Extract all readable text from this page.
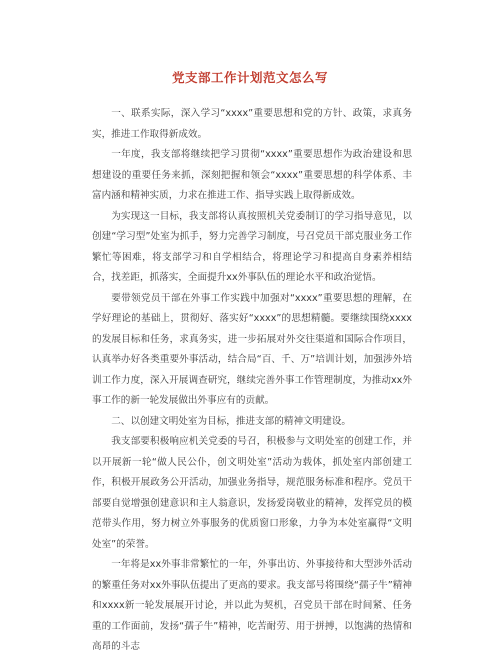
党支部工作计划范文怎么写

一、联系实际，深入学习“xxxx”重要思想和党的方针、政策，求真务实，推进工作取得新成效。

一年度，我支部将继续把学习贯彻“xxxx”重要思想作为政治建设和思想建设的重要任务来抓，深刻把握和领会“xxxx”重要思想的科学体系、丰富内涵和精神实质，力求在推进工作、指导实践上取得新成效。

为实现这一目标，我支部将认真按照机关党委制订的学习指导意见，以创建“学习型”处室为抓手，努力完善学习制度，号召党员干部克服业务工作繁忙等困难，将支部学习和自学相结合，将理论学习和提高自身素养相结合，找差距，抓落实，全面提升xx外事队伍的理论水平和政治觉悟。

要带领党员干部在外事工作实践中加强对“xxxx”重要思想的理解，在学好理论的基础上，贯彻好、落实好“xxxx”的思想精髓。要继续围绕xxxx的发展目标和任务，求真务实，进一步拓展对外交往渠道和国际合作项目，认真举办好各类重要外事活动，结合局“百、千、万”培训计划，加强涉外培训工作力度，深入开展调查研究，继续完善外事工作管理制度，为推动xx外事工作的新一轮发展做出外事应有的贡献。

二、以创建文明处室为目标，推进支部的精神文明建设。

我支部要积极响应机关党委的号召，积极参与文明处室的创建工作，并以开展新一轮“做人民公仆，创文明处室”活动为载体，抓处室内部创建工作，积极开展政务公开活动，加强业务指导，规范服务标准和程序。党员干部要自觉增强创建意识和主人翁意识，发扬爱岗敬业的精神，发挥党员的模范带头作用，努力树立外事服务的优质窗口形象，力争为本处室赢得“文明处室”的荣誉。

一年将是xx外事非常繁忙的一年，外事出访、外事接待和大型涉外活动的繁重任务对xx外事队伍提出了更高的要求。我支部号将围绕“孺子牛”精神和xxxx新一轮发展展开讨论，并以此为契机，召党员干部在时间紧、任务重的工作面前，发扬“孺子牛”精神，吃苦耐劳、用于拼搏，以饱满的热情和高昂的斗志
